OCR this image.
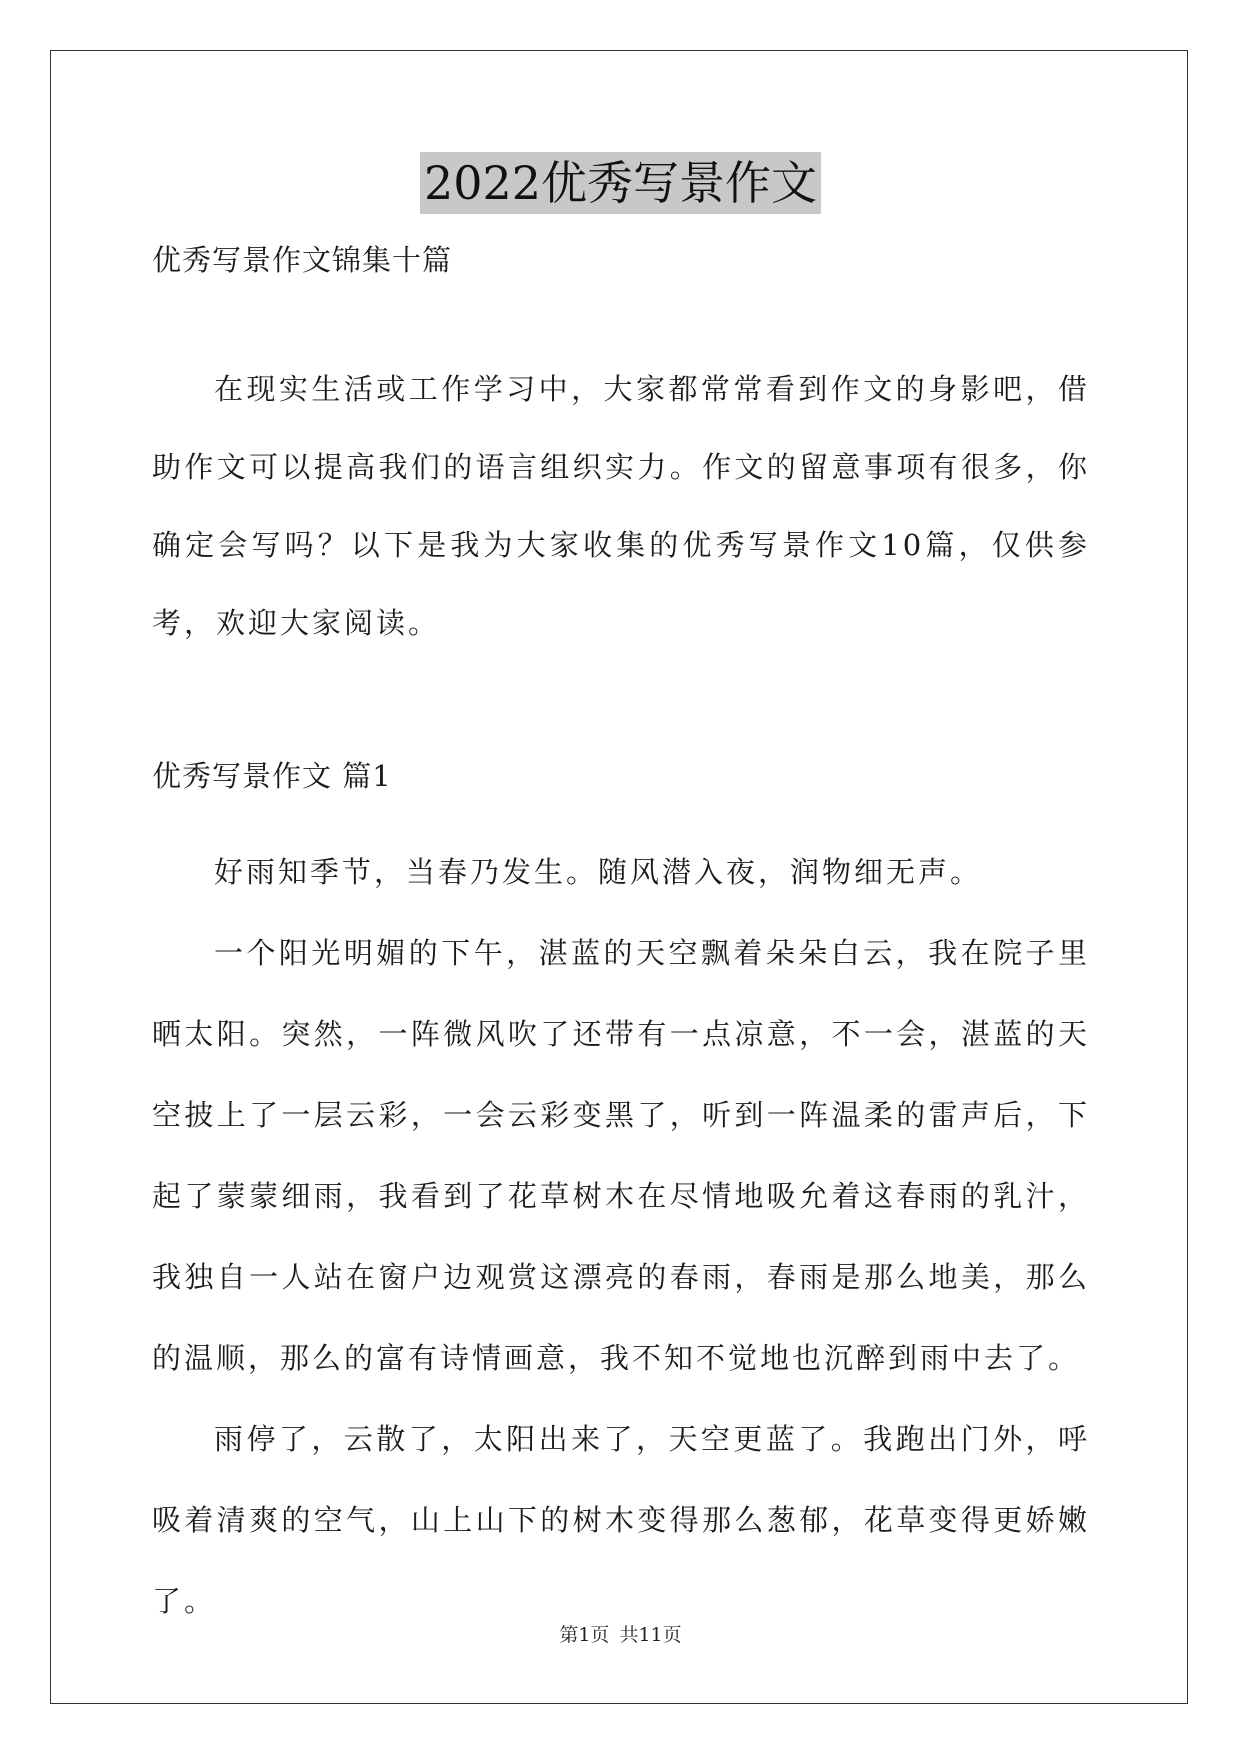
2022优秀写景作文
优秀写景作文锦集十篇

在现实生活或工作学习中，大家都常常看到作文的身影吧，借助作文可以提高我们的语言组织实力。作文的留意事项有很多，你确定会写吗？以下是我为大家收集的优秀写景作文10篇，仅供参考，欢迎大家阅读。

优秀写景作文 篇1

好雨知季节，当春乃发生。随风潜入夜，润物细无声。

一个阳光明媚的下午，湛蓝的天空飘着朵朵白云，我在院子里晒太阳。突然，一阵微风吹了还带有一点凉意，不一会，湛蓝的天空披上了一层云彩，一会云彩变黑了，听到一阵温柔的雷声后，下起了蒙蒙细雨，我看到了花草树木在尽情地吸允着这春雨的乳汁，我独自一人站在窗户边观赏这漂亮的春雨，春雨是那么地美，那么的温顺，那么的富有诗情画意，我不知不觉地也沉醉到雨中去了。

雨停了，云散了，太阳出来了，天空更蓝了。我跑出门外，呼吸着清爽的空气，山上山下的树木变得那么葱郁，花草变得更娇嫩了。

第1页 共11页
